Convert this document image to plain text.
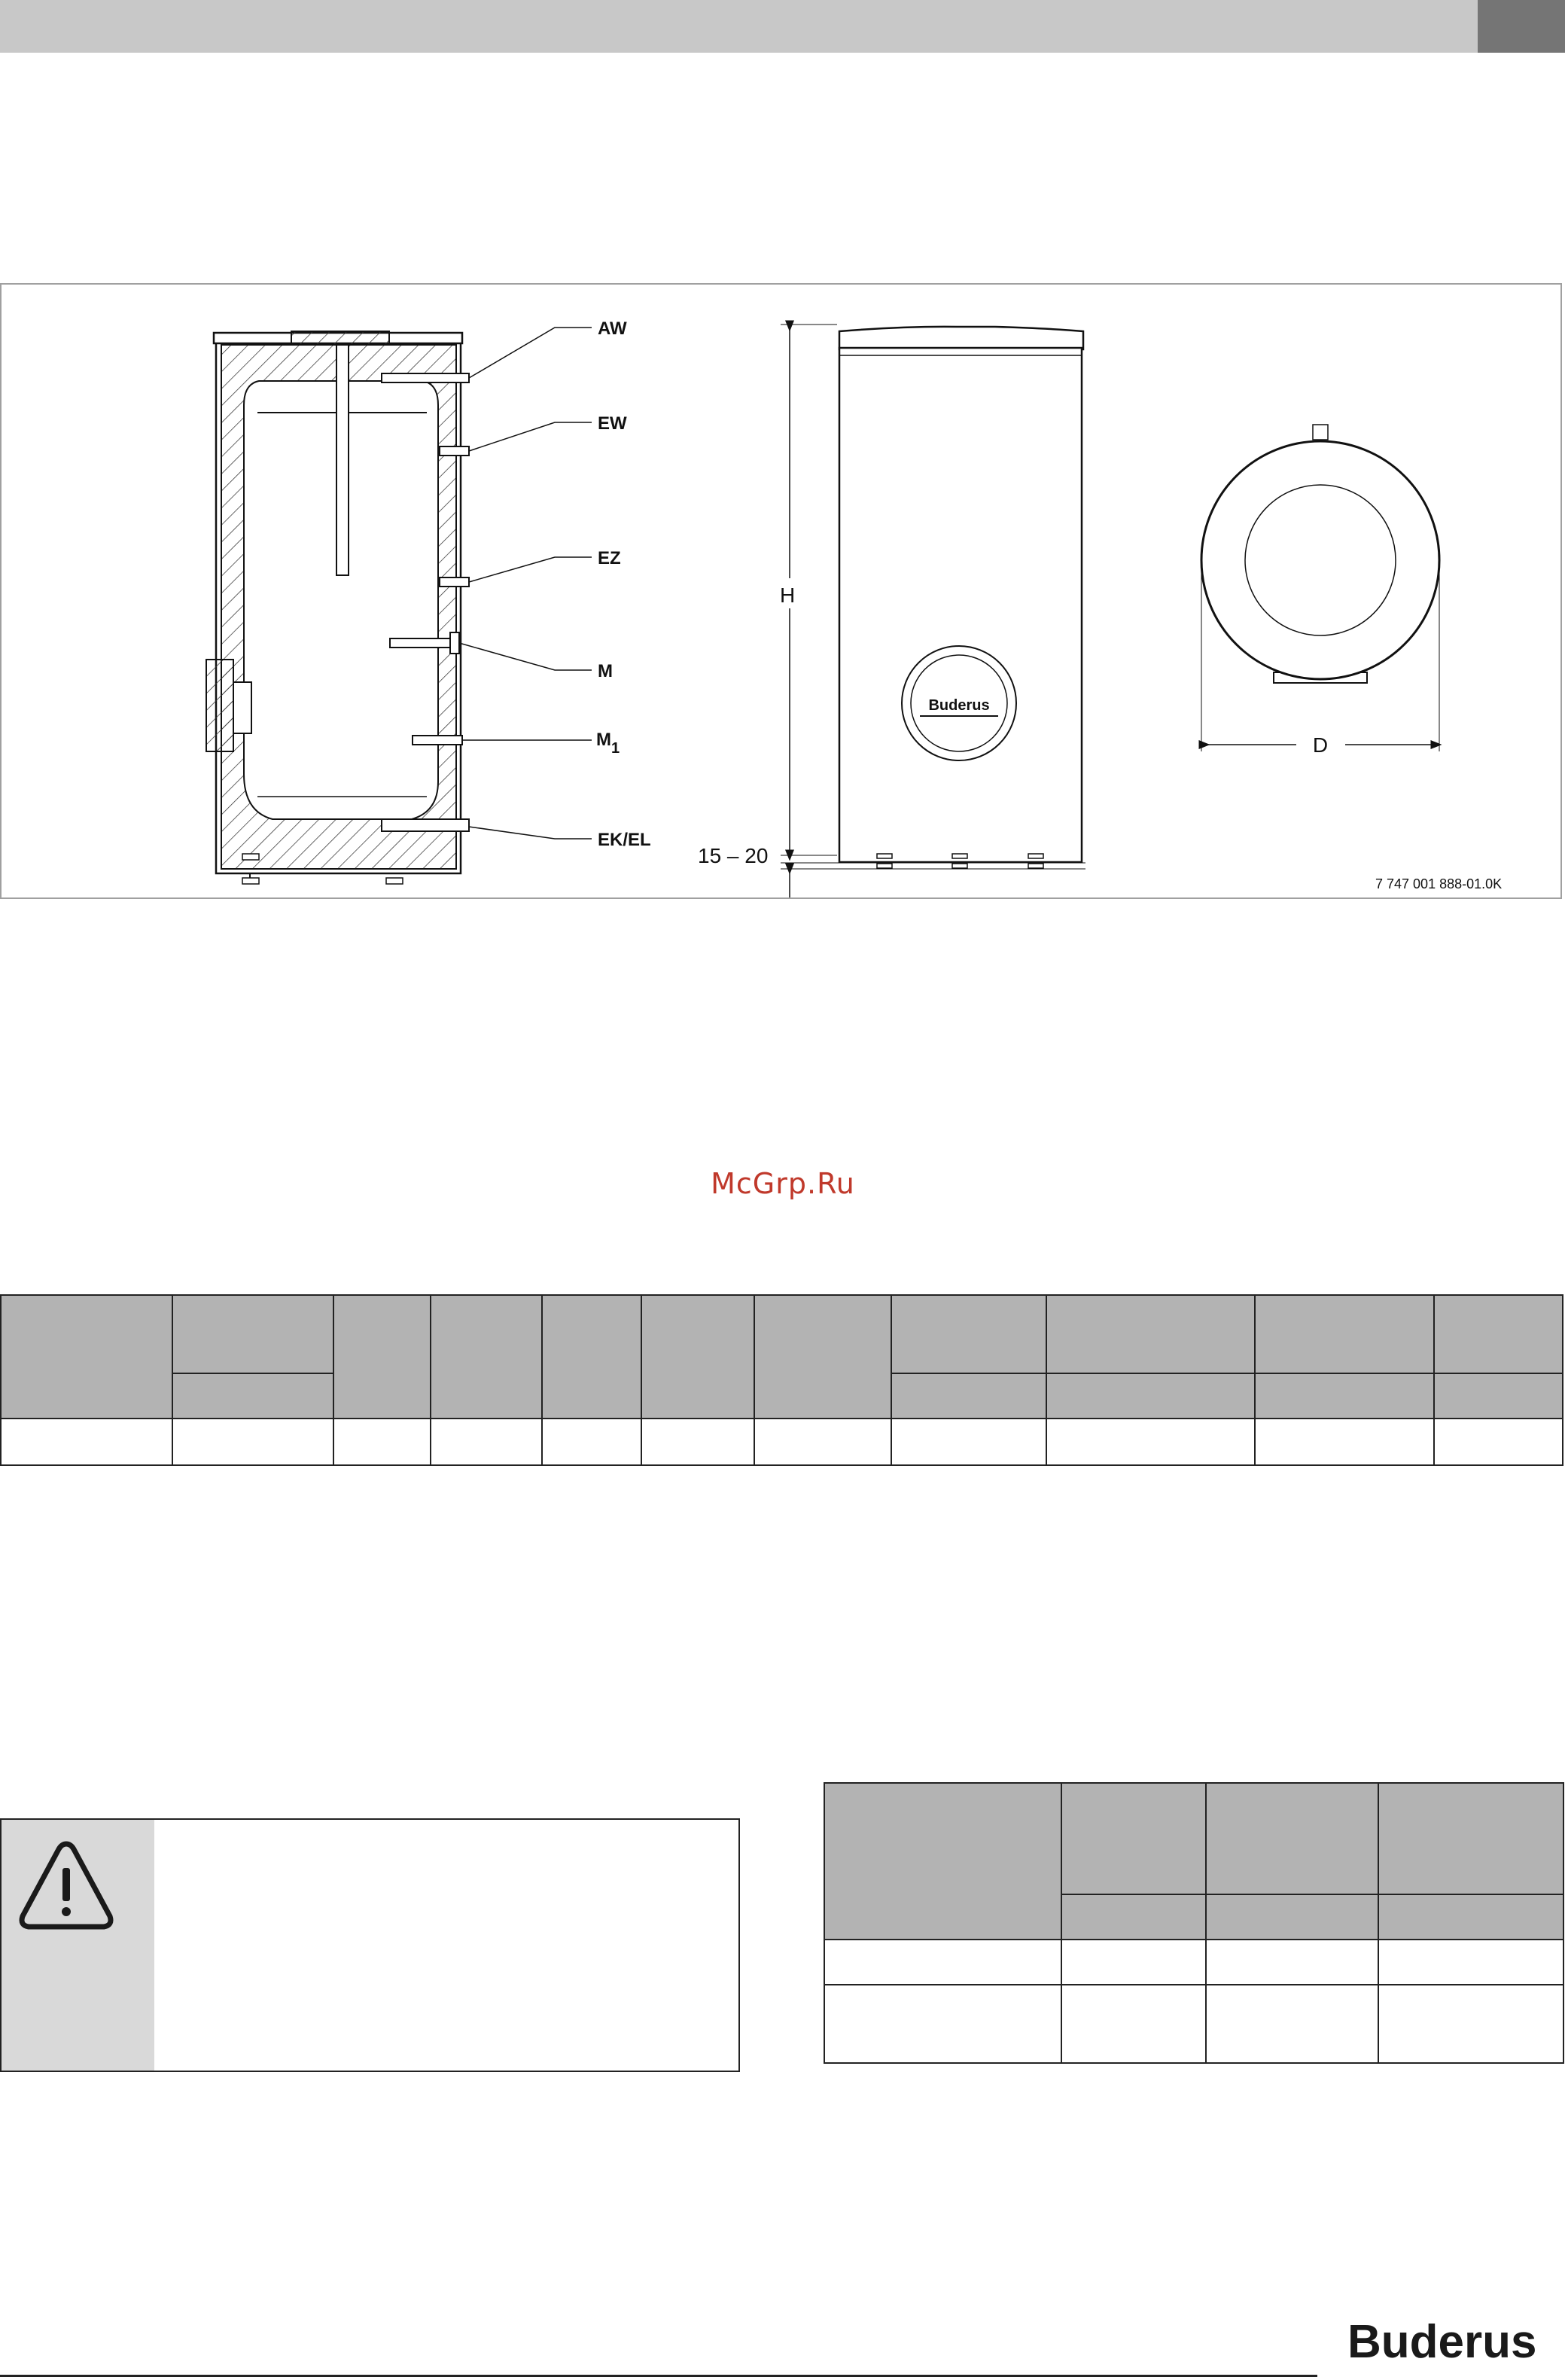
AW
EW
EZ
M
M 1
EK/EL
Buderus
H
15 – 20
D
7 747 001 888-01.0K
McGrp.Ru

Buderus
